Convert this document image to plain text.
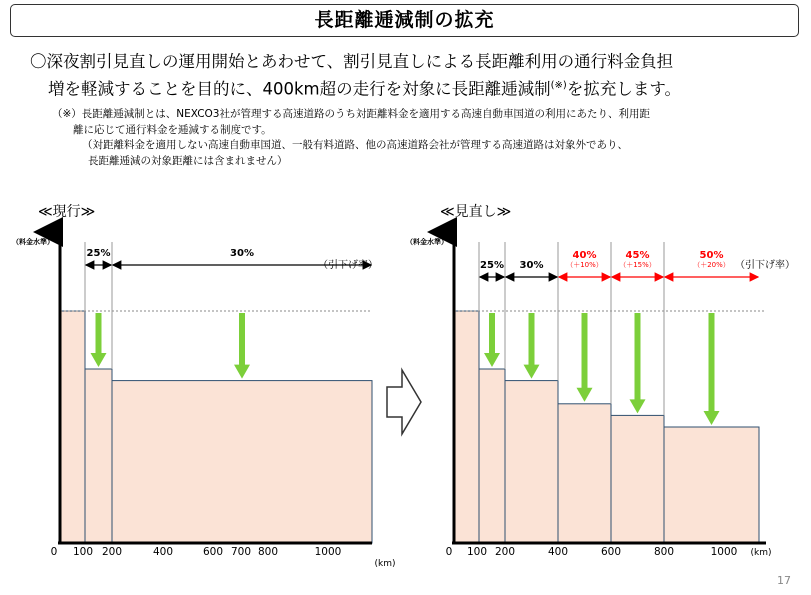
長距離逓減制の拡充
〇深夜割引見直しの運用開始とあわせて、割引見直しによる長距離利用の通行料金負担
増を軽減することを目的に、400km超の走行を対象に長距離逓減制(※)を拡充します。
（※）長距離逓減制とは、NEXCO3社が管理する高速道路のうち対距離料金を適用する高速自動車国道の利用にあたり、利用距
離に応じて通行料金を逓減する制度です。
（対距離料金を適用しない高速自動車国道、一般有料道路、他の高速道路会社が管理する高速道路は対象外であり、
長距離逓減の対象距離には含まれません）
25%	30%
0 100 200	400	600 700 800	1000
≪現行≫
（料金水準）
(km)
（引下げ率）	25% 30%
40%
（＋10%）
45%
（＋15%）
50%
（＋20%）
0 100 200	400	600	800	1000
≪見直し≫
（料金水準）
(km)
（引下げ率）
17
